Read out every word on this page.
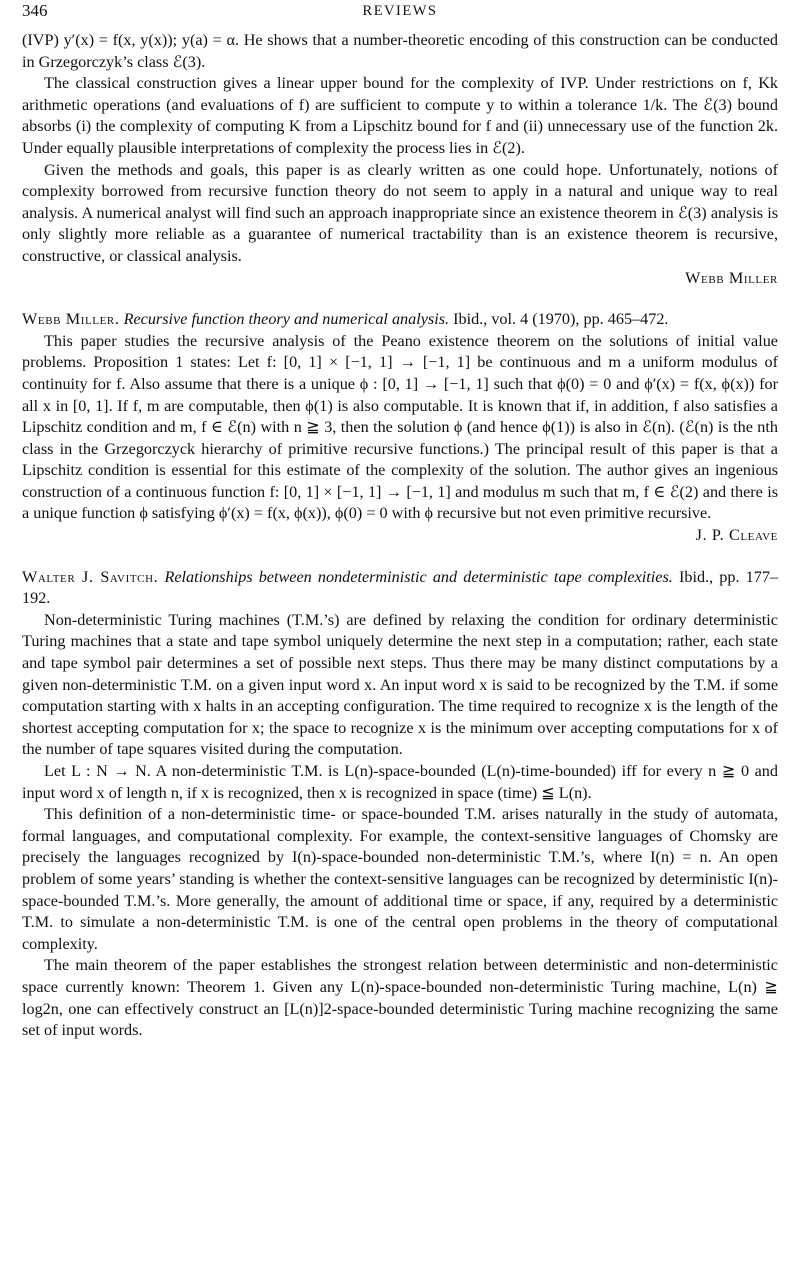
346	REVIEWS

(IVP) y′(x) = f(x, y(x)); y(a) = α. He shows that a number-theoretic encoding of this construction can be conducted in Grzegorczyk’s class ℰ(3).

The classical construction gives a linear upper bound for the complexity of IVP. Under restrictions on f, Kk arithmetic operations (and evaluations of f) are sufficient to compute y to within a tolerance 1/k. The ℰ(3) bound absorbs (i) the complexity of computing K from a Lipschitz bound for f and (ii) unnecessary use of the function 2k. Under equally plausible interpretations of complexity the process lies in ℰ(2).

Given the methods and goals, this paper is as clearly written as one could hope. Unfortunately, notions of complexity borrowed from recursive function theory do not seem to apply in a natural and unique way to real analysis. A numerical analyst will find such an approach inappropriate since an existence theorem in ℰ(3) analysis is only slightly more reliable as a guarantee of numerical tractability than is an existence theorem is recursive, constructive, or classical analysis.

Webb Miller

Webb Miller. Recursive function theory and numerical analysis. Ibid., vol. 4 (1970), pp. 465–472.

This paper studies the recursive analysis of the Peano existence theorem on the solutions of initial value problems. Proposition 1 states: Let f: [0, 1] × [−1, 1] → [−1, 1] be continuous and m a uniform modulus of continuity for f. Also assume that there is a unique ϕ : [0, 1] → [−1, 1] such that ϕ(0) = 0 and ϕ′(x) = f(x, ϕ(x)) for all x in [0, 1]. If f, m are computable, then ϕ(1) is also computable. It is known that if, in addition, f also satisfies a Lipschitz condition and m, f ∈ ℰ(n) with n ≧ 3, then the solution ϕ (and hence ϕ(1)) is also in ℰ(n). (ℰ(n) is the nth class in the Grzegorczyck hierarchy of primitive recursive functions.) The principal result of this paper is that a Lipschitz condition is essential for this estimate of the complexity of the solution. The author gives an ingenious construction of a continuous function f: [0, 1] × [−1, 1] → [−1, 1] and modulus m such that m, f ∈ ℰ(2) and there is a unique function ϕ satisfying ϕ′(x) = f(x, ϕ(x)), ϕ(0) = 0 with ϕ recursive but not even primitive recursive.

J. P. Cleave

Walter J. Savitch. Relationships between nondeterministic and deterministic tape complexities. Ibid., pp. 177–192.

Non-deterministic Turing machines (T.M.’s) are defined by relaxing the condition for ordinary deterministic Turing machines that a state and tape symbol uniquely determine the next step in a computation; rather, each state and tape symbol pair determines a set of possible next steps. Thus there may be many distinct computations by a given non-deterministic T.M. on a given input word x. An input word x is said to be recognized by the T.M. if some computation starting with x halts in an accepting configuration. The time required to recognize x is the length of the shortest accepting computation for x; the space to recognize x is the minimum over accepting computations for x of the number of tape squares visited during the computation.

Let L : N → N. A non-deterministic T.M. is L(n)-space-bounded (L(n)-time-bounded) iff for every n ≧ 0 and input word x of length n, if x is recognized, then x is recognized in space (time) ≦ L(n).

This definition of a non-deterministic time- or space-bounded T.M. arises naturally in the study of automata, formal languages, and computational complexity. For example, the context-sensitive languages of Chomsky are precisely the languages recognized by I(n)-space-bounded non-deterministic T.M.’s, where I(n) = n. An open problem of some years’ standing is whether the context-sensitive languages can be recognized by deterministic I(n)-space-bounded T.M.’s. More generally, the amount of additional time or space, if any, required by a deterministic T.M. to simulate a non-deterministic T.M. is one of the central open problems in the theory of computational complexity.

The main theorem of the paper establishes the strongest relation between deterministic and non-deterministic space currently known: Theorem 1. Given any L(n)-space-bounded non-deterministic Turing machine, L(n) ≧ log2n, one can effectively construct an [L(n)]2-space-bounded deterministic Turing machine recognizing the same set of input words.
